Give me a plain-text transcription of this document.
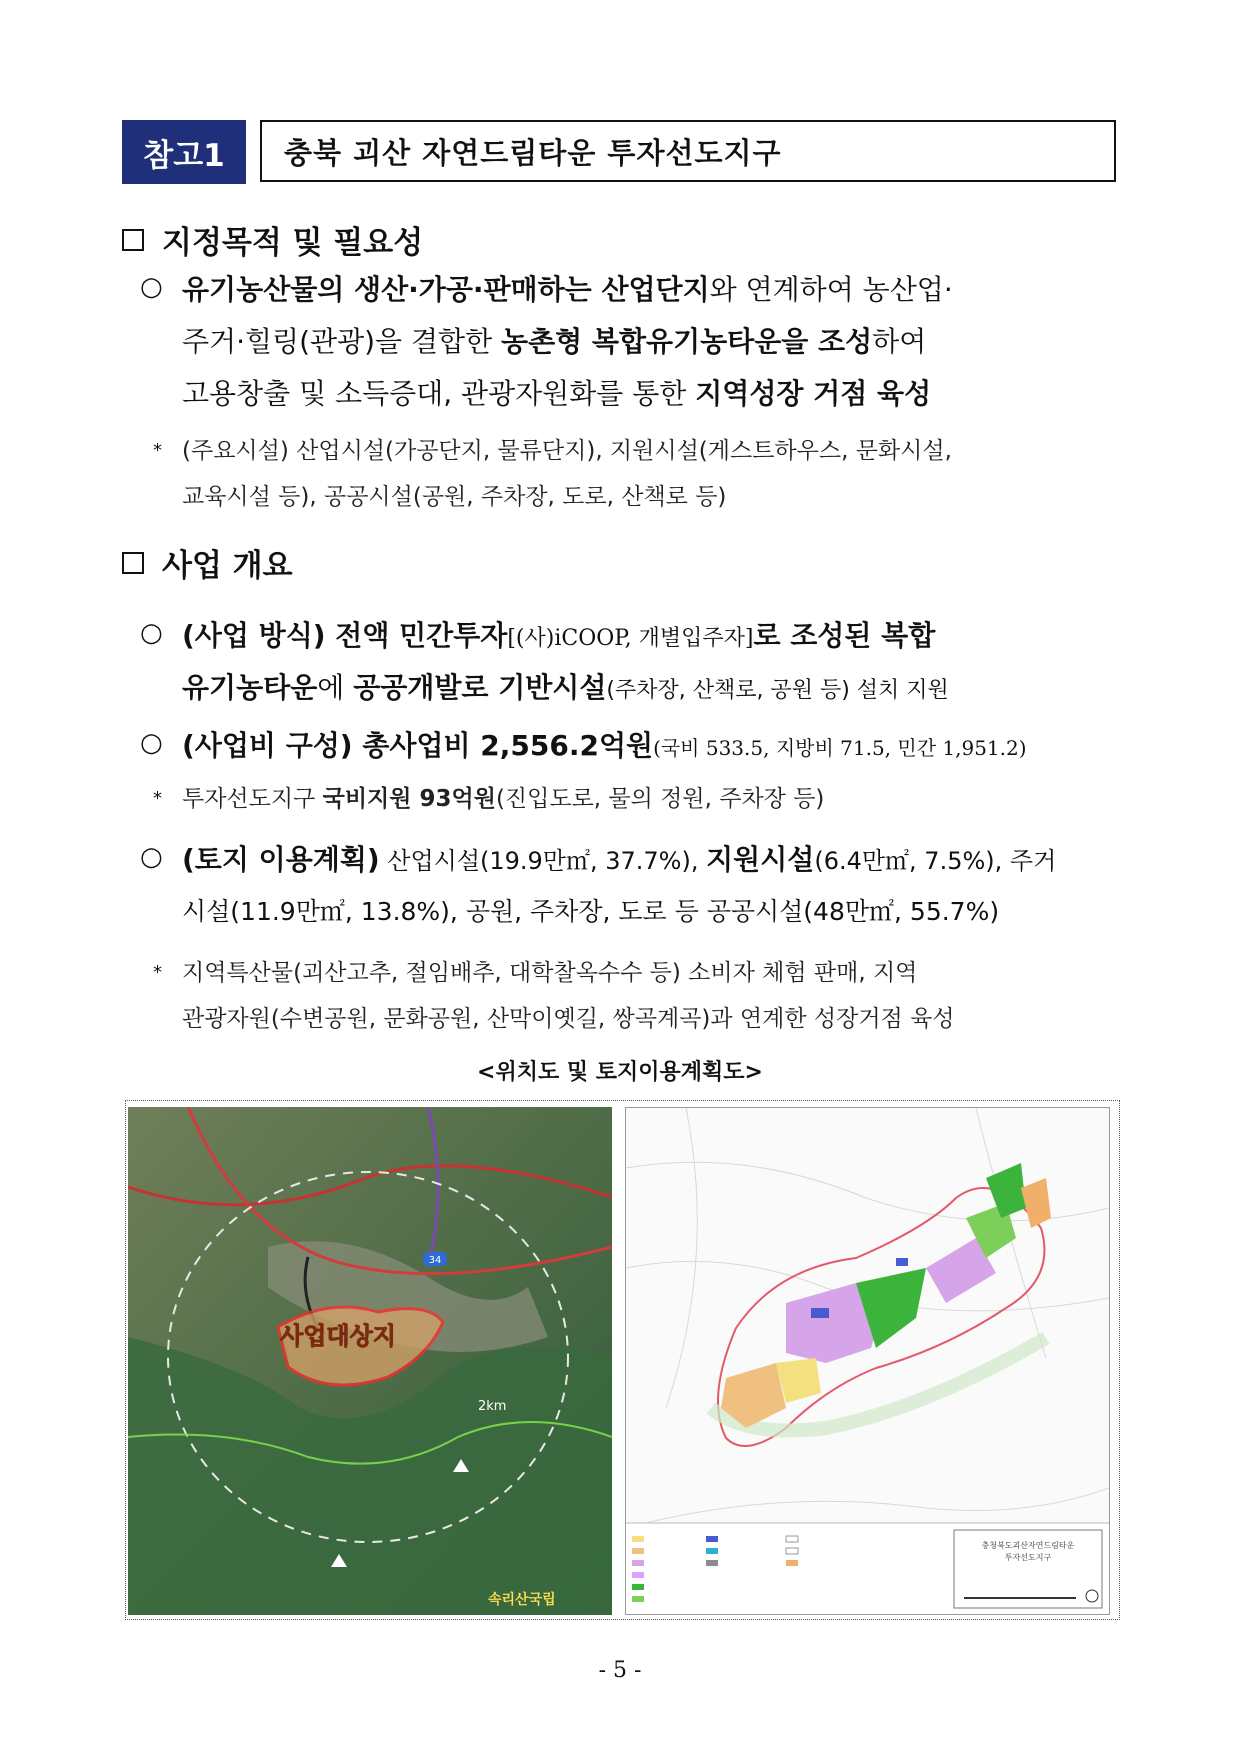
참고1	충북 괴산 자연드림타운 투자선도지구
지정목적 및 필요성
○ 유기농산물의 생산·가공·판매하는 산업단지와 연계하여 농산업·
주거·힐링(관광)을 결합한 농촌형 복합유기농타운을 조성하여
고용창출 및 소득증대, 관광자원화를 통한 지역성장 거점 육성
* (주요시설) 산업시설(가공단지, 물류단지), 지원시설(게스트하우스, 문화시설,
교육시설 등), 공공시설(공원, 주차장, 도로, 산책로 등)
사업 개요
○ (사업 방식) 전액 민간투자[(사)iCOOP, 개별입주자]로 조성된 복합
유기농타운에 공공개발로 기반시설(주차장, 산책로, 공원 등) 설치 지원
○ (사업비 구성) 총사업비 2,556.2억원(국비 533.5, 지방비 71.5, 민간 1,951.2)
* 투자선도지구 국비지원 93억원(진입도로, 물의 정원, 주차장 등)
○ (토지 이용계획) 산업시설(19.9만㎡, 37.7%), 지원시설(6.4만㎡, 7.5%), 주거
시설(11.9만㎡, 13.8%), 공원, 주차장, 도로 등 공공시설(48만㎡, 55.7%)
* 지역특산물(괴산고추, 절임배추, 대학찰옥수수 등) 소비자 체험 판매, 지역
관광자원(수변공원, 문화공원, 산막이옛길, 쌍곡계곡)과 연계한 성장거점 육성
<위치도 및 토지이용계획도>
34
사업대상지
2km
속리산국립
충청북도괴산자연드림타운
투자선도지구
- 5 -
